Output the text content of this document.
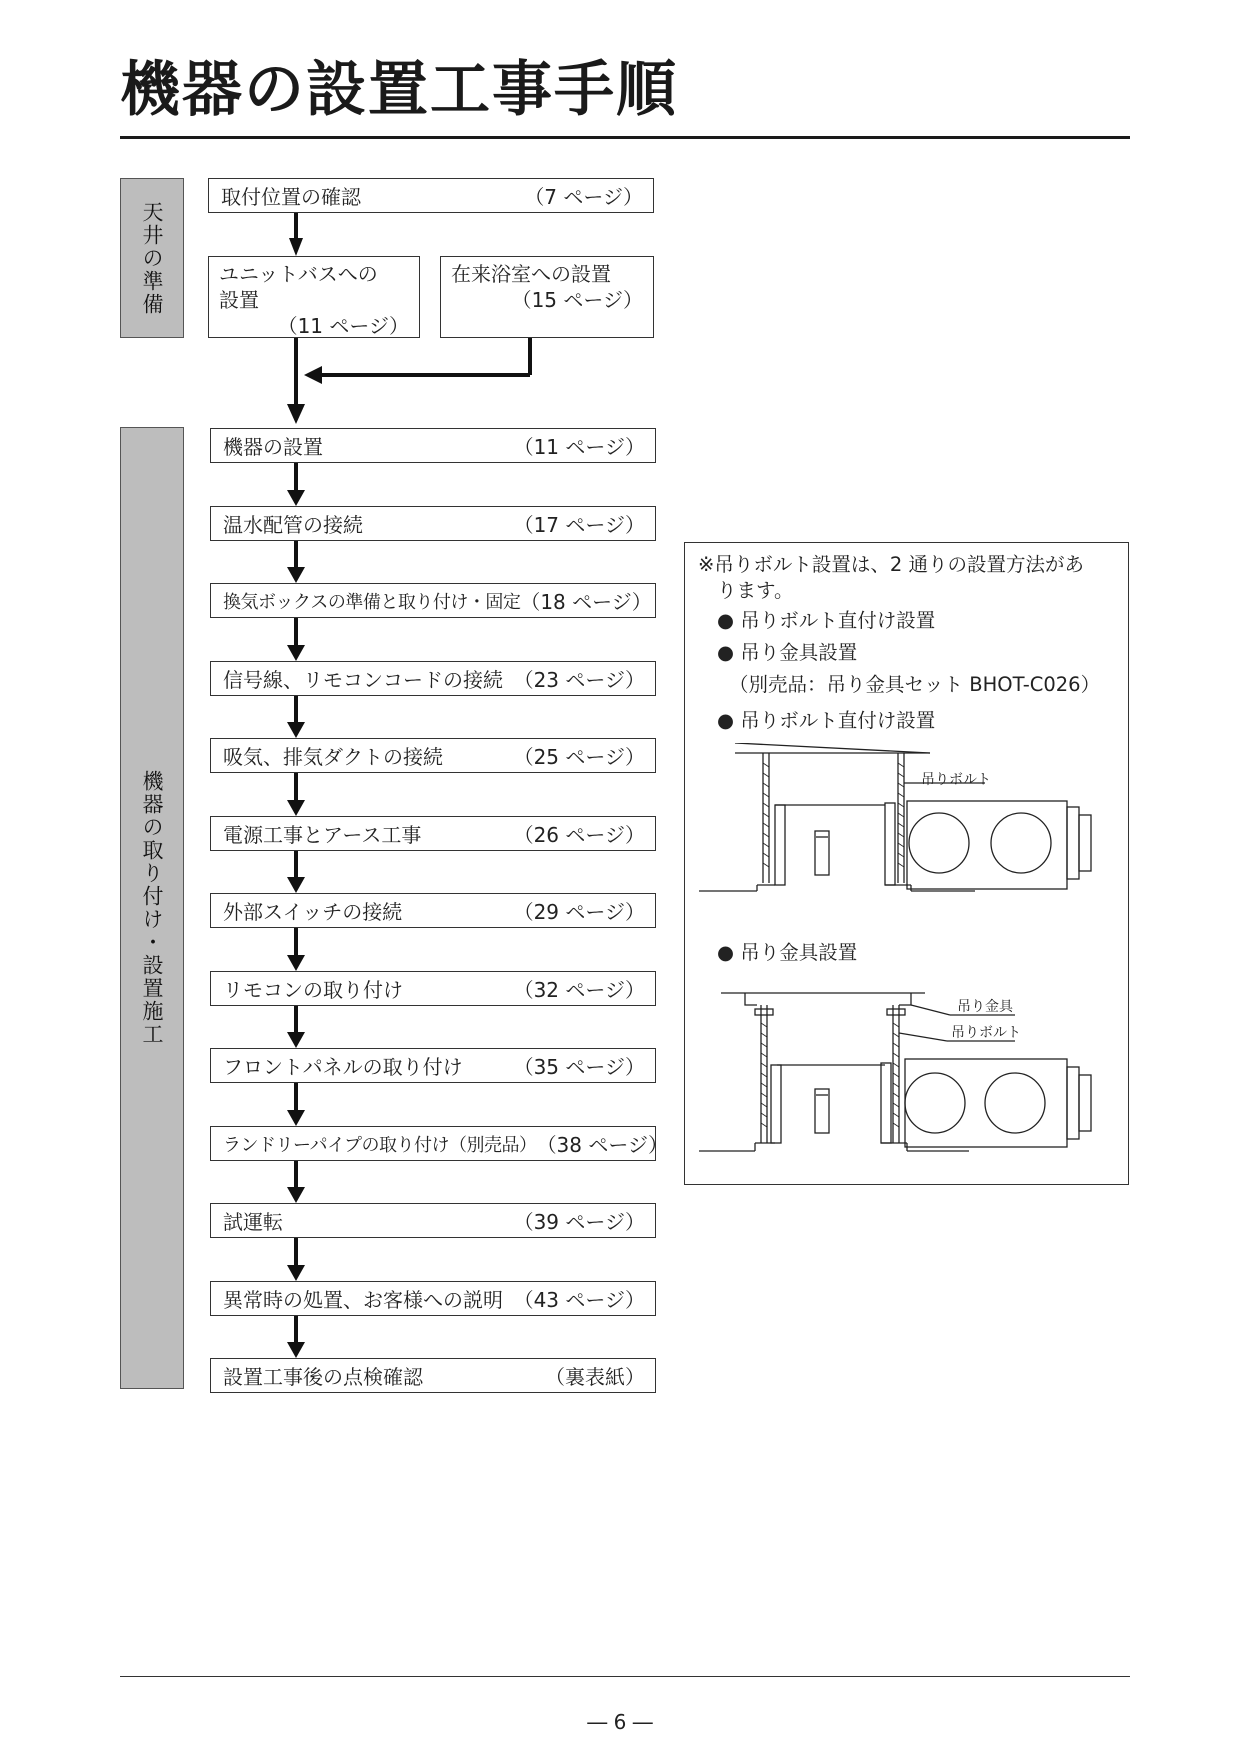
機器の設置工事手順
天井の準備
機器の取り付け・設置施工
取付位置の確認	（7 ページ）
ユニットバスへの
設置
（11 ページ）
在来浴室への設置
（15 ページ）
機器の設置	（11 ページ）
温水配管の接続	（17 ページ）
換気ボックスの準備と取り付け・固定 （18 ページ）
信号線、リモコンコードの接続 （23 ページ）
吸気、排気ダクトの接続	（25 ページ）
電源工事とアース工事	（26 ページ）
外部スイッチの接続	（29 ページ）
リモコンの取り付け	（32 ページ）
フロントパネルの取り付け	（35 ページ）
ランドリーパイプの取り付け（別売品） （38 ページ）
試運転	（39 ページ）
異常時の処置、お客様への説明 （43 ページ）
設置工事後の点検確認	（裏表紙）
※吊りボルト設置は、2 通りの設置方法があ
ります。
● 吊りボルト直付け設置
● 吊り金具設置
（別売品：吊り金具セット BHOT-C026）
● 吊りボルト直付け設置
吊りボルト
● 吊り金具設置
吊り金具
吊りボルト
― 6 ―
